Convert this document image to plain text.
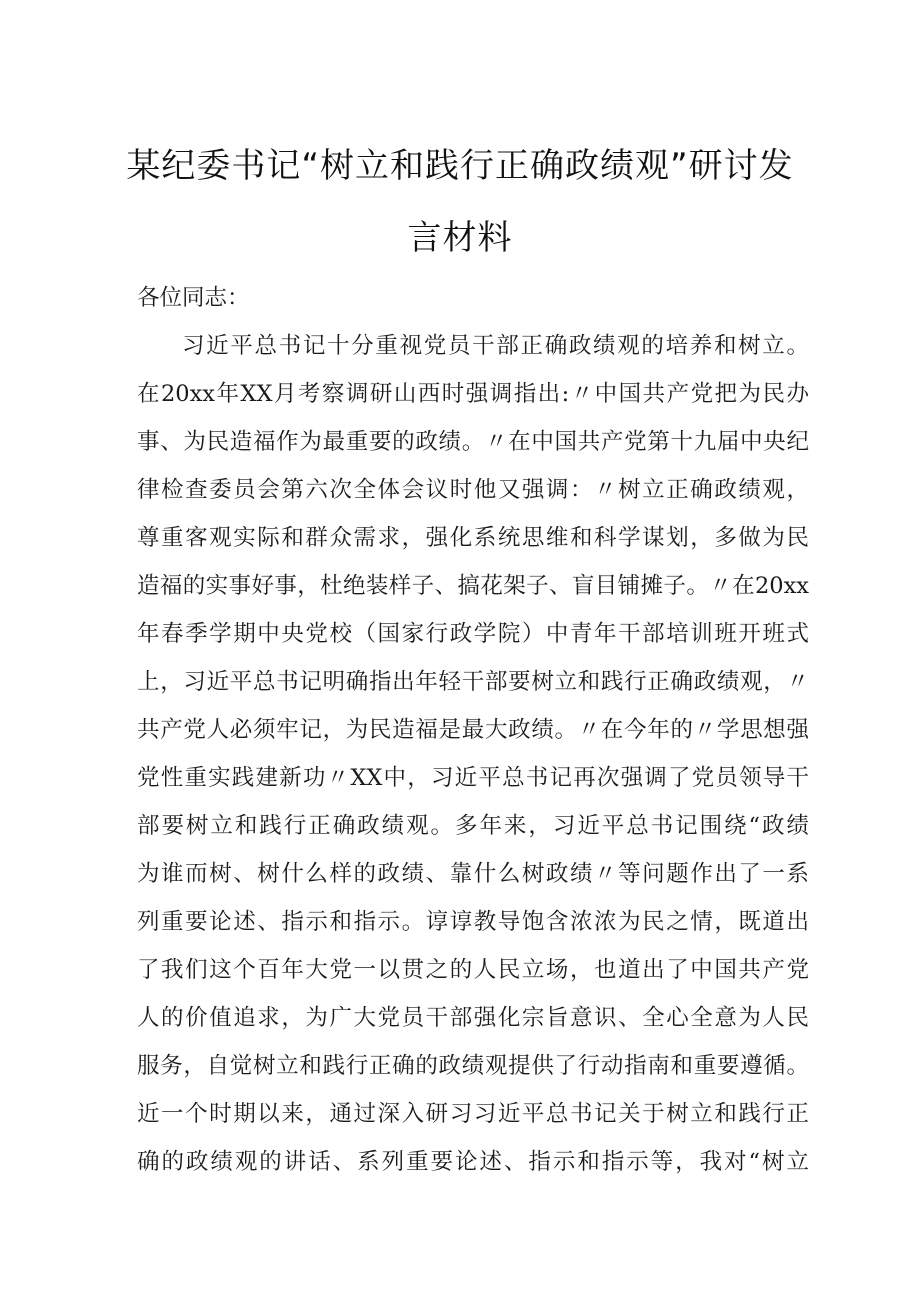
某纪委书记“树立和践行正确政绩观”研讨发
言材料
各位同志：
习近平总书记十分重视党员干部正确政绩观的培养和树立。
在20xx年XX月考察调研山西时强调指出:〃中国共产党把为民办
事、为民造福作为最重要的政绩。〃在中国共产党第十九届中央纪
律检查委员会第六次全体会议时他又强调：〃树立正确政绩观，
尊重客观实际和群众需求，强化系统思维和科学谋划，多做为民
造福的实事好事，杜绝装样子、搞花架子、盲目铺摊子。〃在20xx
年春季学期中央党校（国家行政学院）中青年干部培训班开班式
上，习近平总书记明确指出年轻干部要树立和践行正确政绩观，〃
共产党人必须牢记，为民造福是最大政绩。〃在今年的〃学思想强
党性重实践建新功〃XX中，习近平总书记再次强调了党员领导干
部要树立和践行正确政绩观。多年来，习近平总书记围绕“政绩
为谁而树、树什么样的政绩、靠什么树政绩〃等问题作出了一系
列重要论述、指示和指示。谆谆教导饱含浓浓为民之情，既道出
了我们这个百年大党一以贯之的人民立场，也道出了中国共产党
人的价值追求，为广大党员干部强化宗旨意识、全心全意为人民
服务，自觉树立和践行正确的政绩观提供了行动指南和重要遵循。
近一个时期以来，通过深入研习习近平总书记关于树立和践行正
确的政绩观的讲话、系列重要论述、指示和指示等，我对“树立
